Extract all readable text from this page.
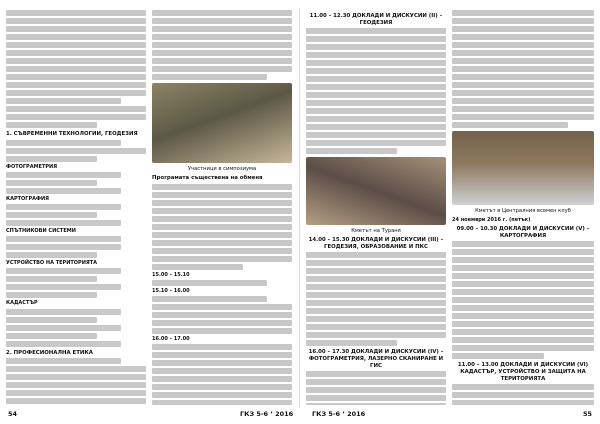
1. СЪВРЕМЕННИ ТЕХНОЛОГИИ, ГЕОДЕЗИЯ
ФОТОГРАМЕТРИЯ
КАРТОГРАФИЯ
СПЪТНИКОВИ СИСТЕМИ
УСТРОЙСТВО НА ТЕРИТОРИЯТА
КАДАСТЪР
2. ПРОФЕСИОНАЛНА ЕТИКА
Участници в симпозиума
Програмата съществена на обменя
15.00 – 15.10
15.10 – 16.00
16.00 – 17.00
11.00 – 12.30 ДОКЛАДИ И ДИСКУСИИ (II) – ГЕОДЕЗИЯ
Кметът на Тураня
14.00 – 15.30 ДОКЛАДИ И ДИСКУСИИ (III) – ГЕОДЕЗИЯ, ОБРАЗОВАНИЕ И ПКС
16.00 – 17.30 ДОКЛАДИ И ДИСКУСИИ (IV) – ФОТОГРАМЕТРИЯ, ЛАЗЕРНО СКАНИРАНЕ И ГИС
Кметът в Централния всемен клуб
24 ноември 2016 г. (петък)
09.00 – 10.30 ДОКЛАДИ И ДИСКУСИИ (V) – КАРТОГРАФИЯ
11.00 – 13.00 ДОКЛАДИ И ДИСКУСИИ (VI) КАДАСТЪР, УСТРОЙСТВО И ЗАЩИТА НА ТЕРИТОРИЯТА
54	ГКЗ 5-6 ’ 2016	ГКЗ 5-6 ’ 2016	55
